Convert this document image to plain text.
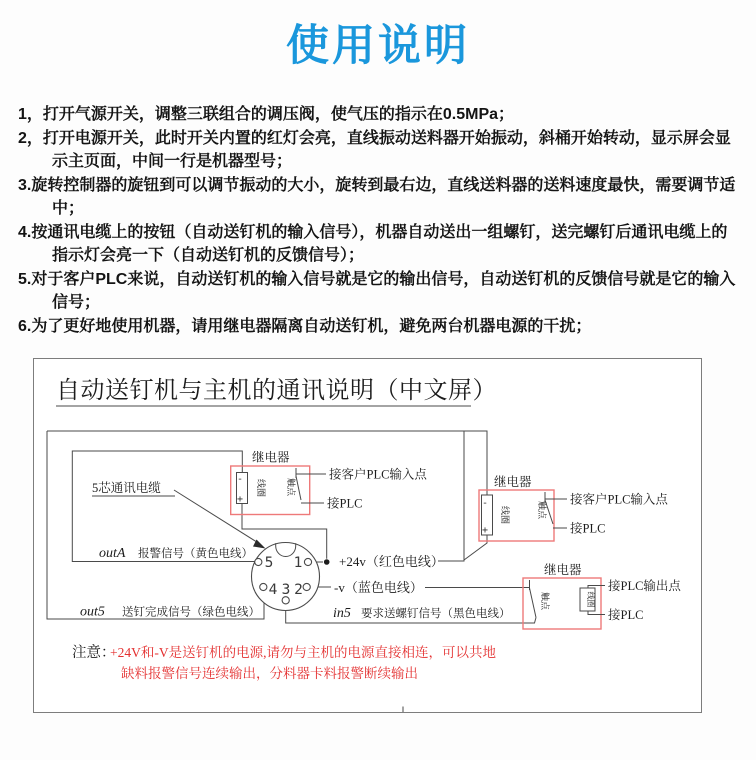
使用说明
1，打开气源开关，调整三联组合的调压阀，使气压的指示在0.5MPa；
2，打开电源开关，此时开关内置的红灯会亮，直线振动送料器开始振动，斜桶开始转动，显示屏会显示主页面，中间一行是机器型号；
3.旋转控制器的旋钮到可以调节振动的大小，旋转到最右边，直线送料器的送料速度最快，需要调节适中；
4.按通讯电缆上的按钮（自动送钉机的输入信号），机器自动送出一组螺钉，送完螺钉后通讯电缆上的指示灯会亮一下（自动送钉机的反馈信号）；
5.对于客户PLC来说，自动送钉机的输入信号就是它的输出信号，自动送钉机的反馈信号就是它的输入信号；
6.为了更好地使用机器，请用继电器隔离自动送钉机，避免两台机器电源的干扰；
自动送钉机与主机的通讯说明（中文屏）
5 1
4 3 2
继电器
-
+
线圈 触点
接客户PLC输入点
接PLC
继电器
-
+
线圈	触点
接客户PLC输入点
接PLC
继电器
触点	线圈
接PLC输出点
接PLC
5芯通讯电缆
outA 报警信号（黄色电线）
out5 送钉完成信号（绿色电线）	in5 要求送螺钉信号（黑色电线）
+24v（红色电线）
-v（蓝色电线）
注意：
+24V和-V是送钉机的电源,请勿与主机的电源直接相连，可以共地
缺料报警信号连续输出，分料器卡料报警断续输出
